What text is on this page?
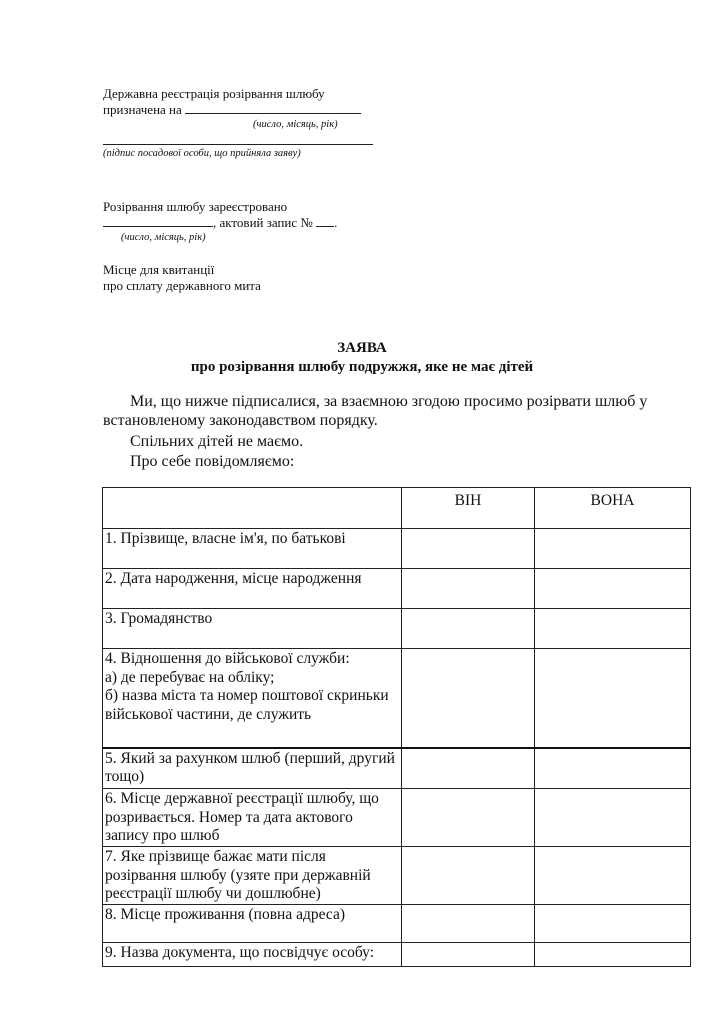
Державна реєстрація розірвання шлюбу
призначена на
(число, місяць, рік)
(підпис посадової особи, що прийняла заяву)
Розірвання шлюбу зареєстровано
, актовий запис № .
(число, місяць, рік)
Місце для квитанції
про сплату державного мита
ЗАЯВА
про розірвання шлюбу подружжя, яке не має дітей
Ми, що нижче підписалися, за взаємною згодою просимо розірвати шлюб у встановленому законодавством порядку.
Спільних дітей не маємо.
Про себе повідомляємо:
	ВІН	ВОНА
1. Прізвище, власне ім'я, по батькові		
2. Дата народження, місце народження		
3. Громадянство		
4. Відношення до військової служби:
а) де перебуває на обліку;
б) назва міста та номер поштової скриньки військової частини, де служить		
5. Який за рахунком шлюб (перший, другий тощо)		
6. Місце державної реєстрації шлюбу, що розривається. Номер та дата актового запису про шлюб		
7. Яке прізвище бажає мати після розірвання шлюбу (узяте при державній реєстрації шлюбу чи дошлюбне)		
8. Місце проживання (повна адреса)		
9. Назва документа, що посвідчує особу:		
